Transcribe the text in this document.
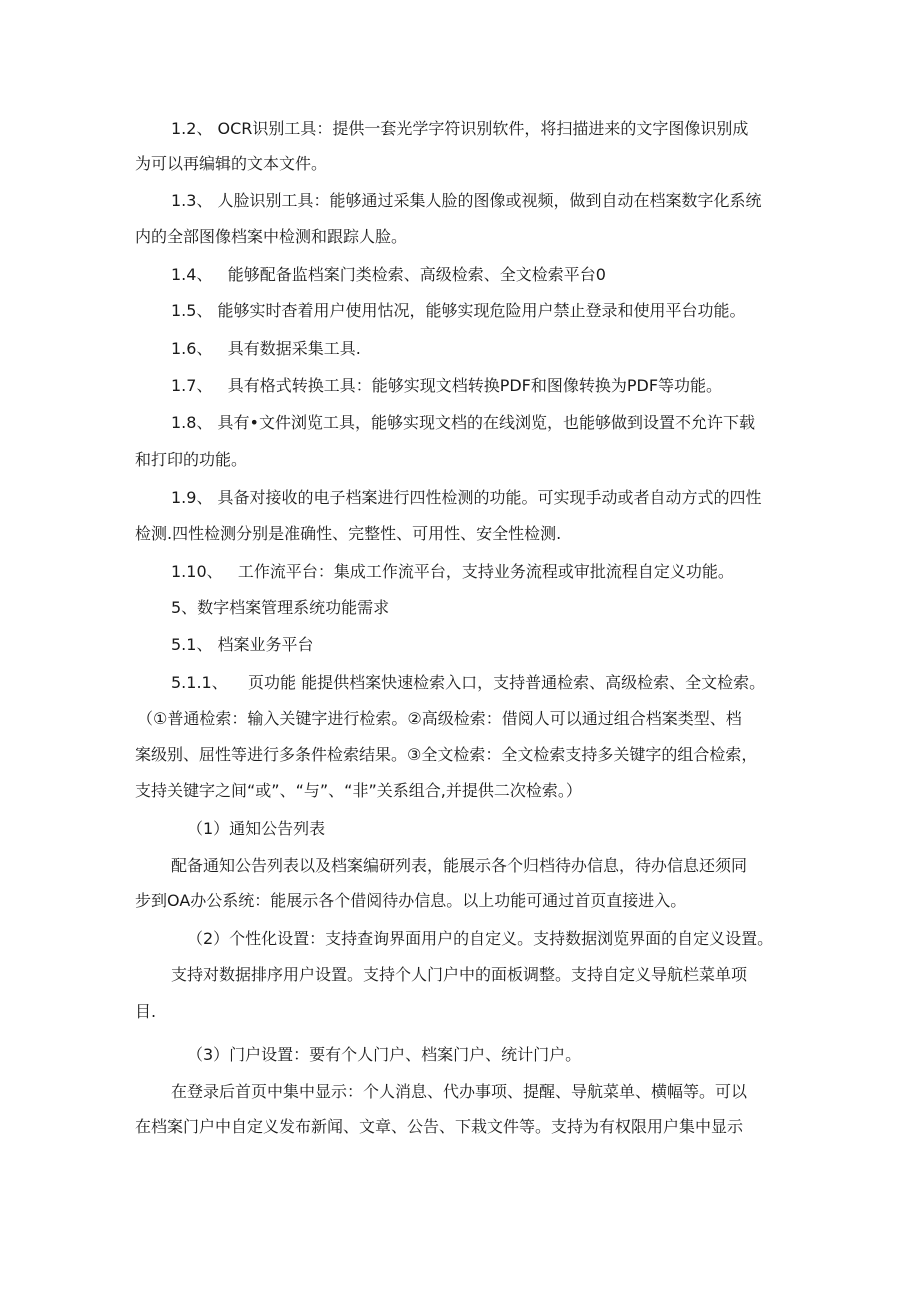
1.2、 OCR识别工具：提供一套光学字符识别软件，将扫描进来的文字图像识别成
为可以再编辑的文本文件。
1.3、 人脸识别工具：能够通过采集人脸的图像或视频，做到自动在档案数字化系统
内的全部图像档案中检测和跟踪人脸。
1.4、   能够配备监档案门类检索、高级检索、全文检索平台0
1.5、 能够实时杳着用户使用怙况，能够实现危险用户禁止登录和使用平台功能。
1.6、   具有数据采集工具.
1.7、   具有格式转换工具：能够实现文档转换PDF和图像转换为PDF等功能。
1.8、 具有•文件浏览工具，能够实现文档的在线浏览，也能够做到设置不允许下载
和打印的功能。
1.9、 具备对接收的电子档案进行四性检测的功能。可实现手动或者自动方式的四性
检测.四性检测分别是准确性、完整性、可用性、安全性检测.
1.10、   工作流平台：集成工作流平台，支持业务流程或审批流程自定义功能。
5、数字档案管理系统功能需求
5.1、 档案业务平台
5.1.1、    页功能 能提供档案快速检索入口，支持普通检索、高级检索、全文检索。
（①普通检索：输入关键字进行检索。②高级检索：借阅人可以通过组合档案类型、档
案级别、屈性等进行多条件检索结果。③全文检索：全文检索支持多关键字的组合检索，
支持关键字之间“或”、“与”、“非”关系组合,并提供二次检索。）
（1）通知公告列表
配备通知公告列表以及档案编研列表，能展示各个归档待办信息，待办信息还须同
步到OA办公系统：能展示各个借阅待办信息。以上功能可通过首页直接进入。
（2）个性化设置：支持查询界面用户的自定义。支持数据浏览界面的自定义设置。
支持对数据排序用户设置。支持个人门户中的面板调整。支持自定义导航栏菜单项
目.
（3）门户设置：要有个人门户、档案门户、统计门户。
在登录后首页中集中显示：个人消息、代办事项、提醒、导航菜单、横幅等。可以
在档案门户中自定义发布新闻、文章、公告、下栽文件等。支持为有权限用户集中显示
